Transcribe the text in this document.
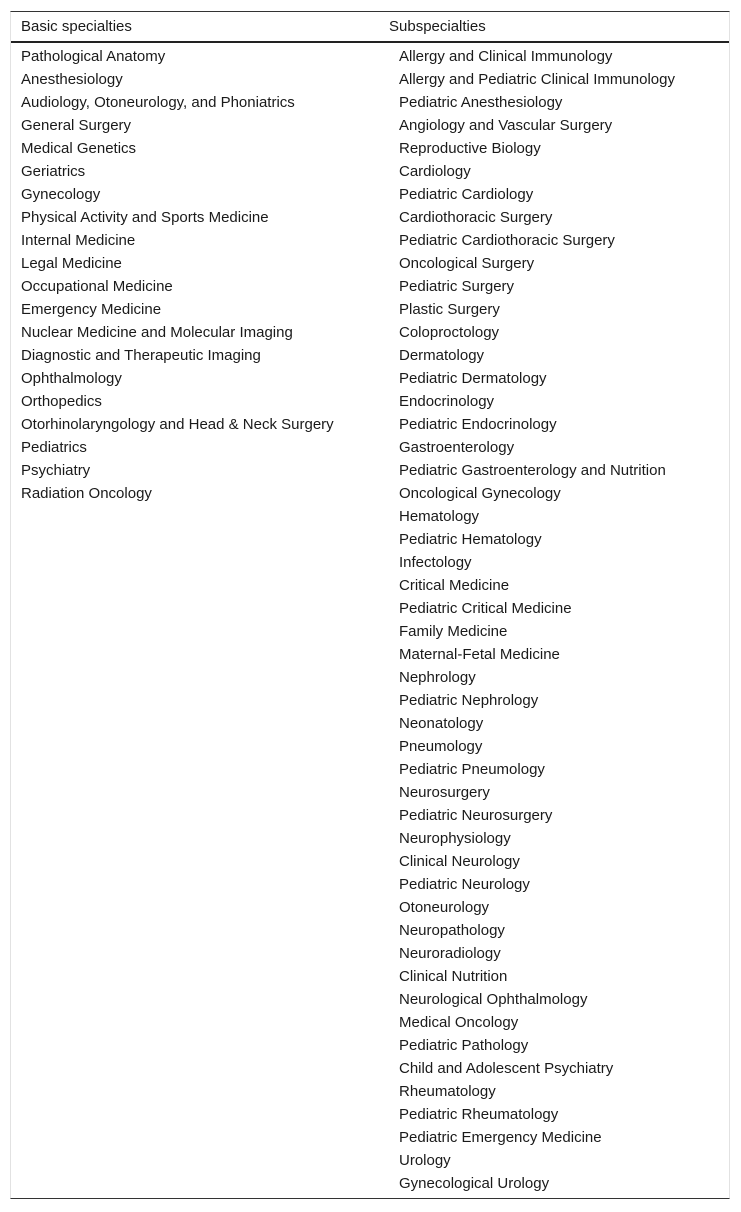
Basic specialties	Subspecialties
Pathological Anatomy
Anesthesiology
Audiology, Otoneurology, and Phoniatrics
General Surgery
Medical Genetics
Geriatrics
Gynecology
Physical Activity and Sports Medicine
Internal Medicine
Legal Medicine
Occupational Medicine
Emergency Medicine
Nuclear Medicine and Molecular Imaging
Diagnostic and Therapeutic Imaging
Ophthalmology
Orthopedics
Otorhinolaryngology and Head & Neck Surgery
Pediatrics
Psychiatry
Radiation Oncology
Allergy and Clinical Immunology
Allergy and Pediatric Clinical Immunology
Pediatric Anesthesiology
Angiology and Vascular Surgery
Reproductive Biology
Cardiology
Pediatric Cardiology
Cardiothoracic Surgery
Pediatric Cardiothoracic Surgery
Oncological Surgery
Pediatric Surgery
Plastic Surgery
Coloproctology
Dermatology
Pediatric Dermatology
Endocrinology
Pediatric Endocrinology
Gastroenterology
Pediatric Gastroenterology and Nutrition
Oncological Gynecology
Hematology
Pediatric Hematology
Infectology
Critical Medicine
Pediatric Critical Medicine
Family Medicine
Maternal-Fetal Medicine
Nephrology
Pediatric Nephrology
Neonatology
Pneumology
Pediatric Pneumology
Neurosurgery
Pediatric Neurosurgery
Neurophysiology
Clinical Neurology
Pediatric Neurology
Otoneurology
Neuropathology
Neuroradiology
Clinical Nutrition
Neurological Ophthalmology
Medical Oncology
Pediatric Pathology
Child and Adolescent Psychiatry
Rheumatology
Pediatric Rheumatology
Pediatric Emergency Medicine
Urology
Gynecological Urology
